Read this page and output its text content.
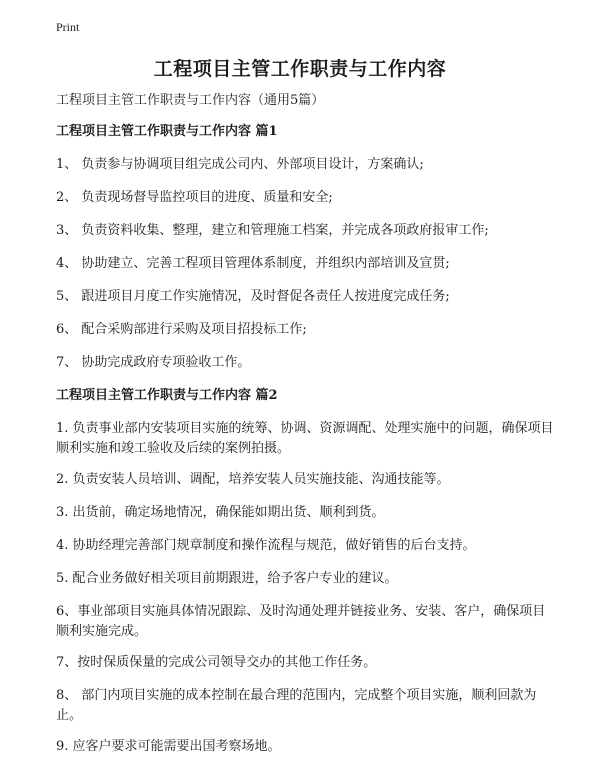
Print
工程项目主管工作职责与工作内容

工程项目主管工作职责与工作内容（通用5篇）

工程项目主管工作职责与工作内容 篇1

1、 负责参与协调项目组完成公司内、外部项目设计，方案确认;

2、 负责现场督导监控项目的进度、质量和安全;

3、 负责资料收集、整理，建立和管理施工档案，并完成各项政府报审工作;

4、 协助建立、完善工程项目管理体系制度，并组织内部培训及宣贯;

5、 跟进项目月度工作实施情况，及时督促各责任人按进度完成任务;

6、 配合采购部进行采购及项目招投标工作;

7、 协助完成政府专项验收工作。

工程项目主管工作职责与工作内容 篇2

1. 负责事业部内安装项目实施的统筹、协调、资源调配、处理实施中的问题，确保项目顺利实施和竣工验收及后续的案例拍摄。

2. 负责安装人员培训、调配，培养安装人员实施技能、沟通技能等。

3. 出货前，确定场地情况，确保能如期出货、顺利到货。

4. 协助经理完善部门规章制度和操作流程与规范，做好销售的后台支持。

5. 配合业务做好相关项目前期跟进，给予客户专业的建议。

6、事业部项目实施具体情况跟踪、及时沟通处理并链接业务、安装、客户，确保项目顺利实施完成。

7、按时保质保量的完成公司领导交办的其他工作任务。

8、 部门内项目实施的成本控制在最合理的范围内，完成整个项目实施，顺利回款为止。

9. 应客户要求可能需要出国考察场地。
